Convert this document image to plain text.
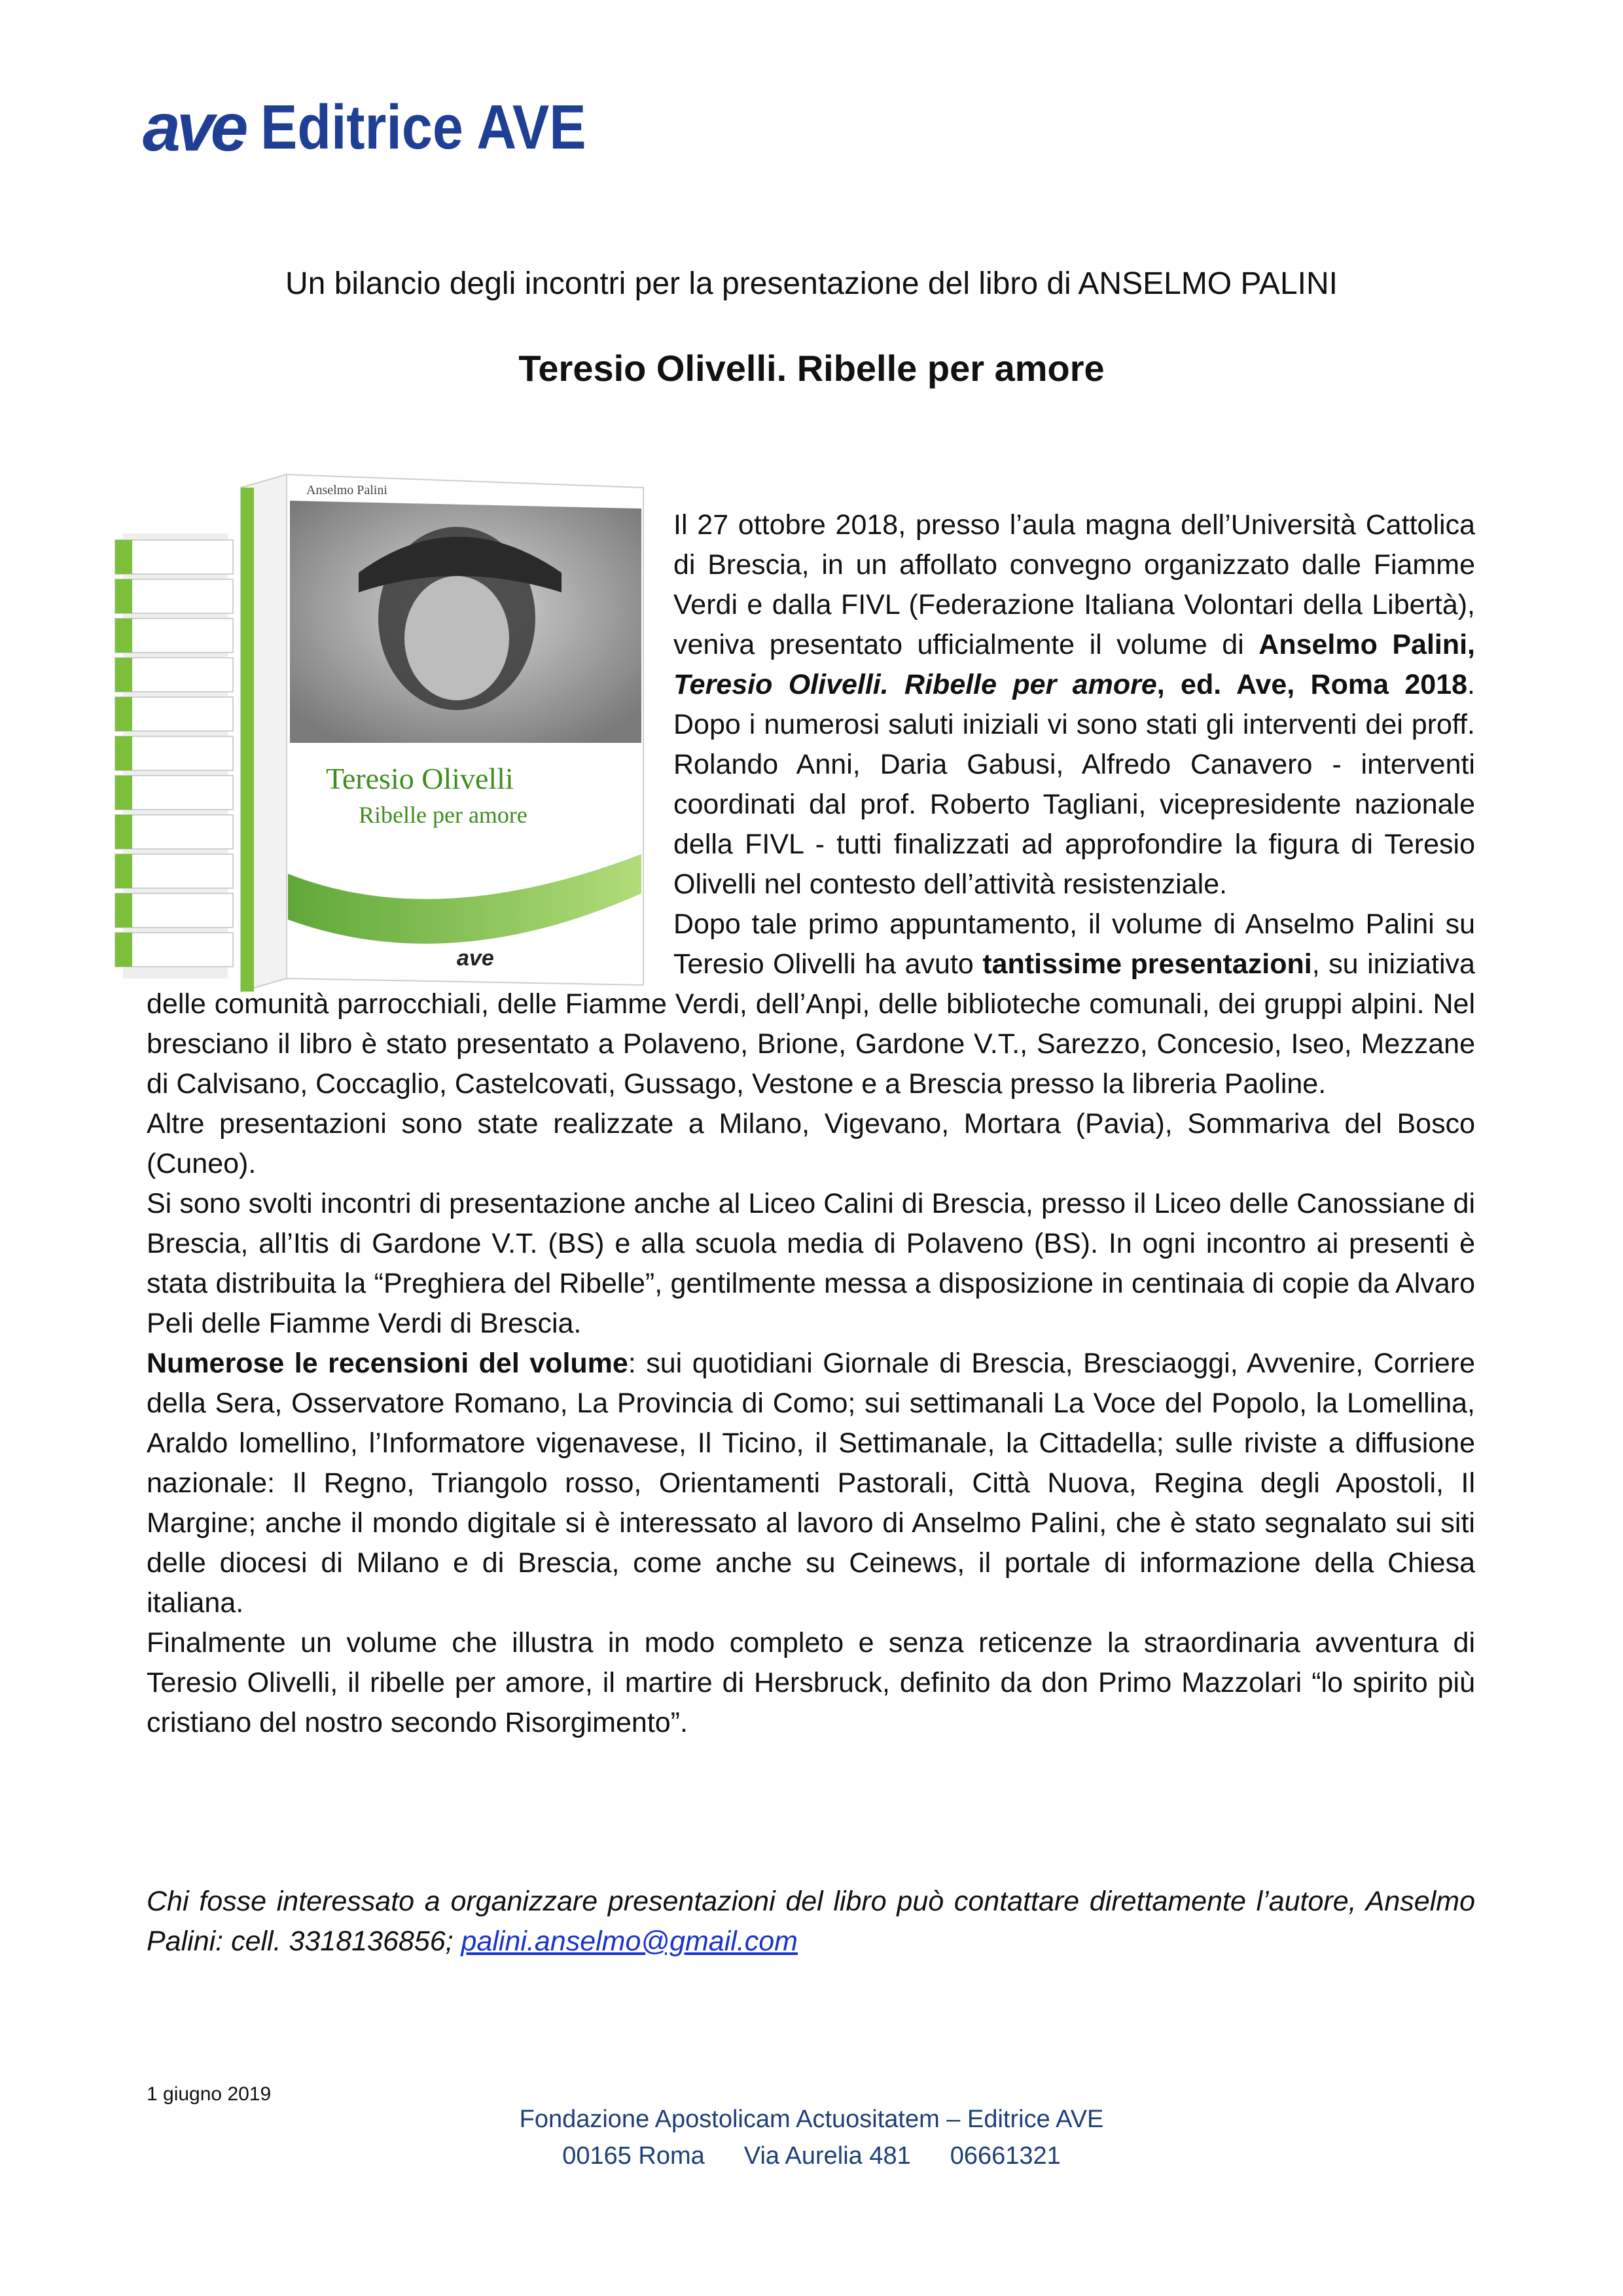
ave Editrice AVE
Un bilancio degli incontri per la presentazione del libro di ANSELMO PALINI
Teresio Olivelli. Ribelle per amore
Anselmo Palini
Teresio Olivelli
Ribelle per amore
ave

Il 27 ottobre 2018, presso l’aula magna dell’Università Cattolica di Brescia, in un affollato convegno organizzato dalle Fiamme Verdi e dalla FIVL (Federazione Italiana Volontari della Libertà), veniva presentato ufficialmente il volume di Anselmo Palini, Teresio Olivelli. Ribelle per amore, ed. Ave, Roma 2018. Dopo i numerosi saluti iniziali vi sono stati gli interventi dei proff. Rolando Anni, Daria Gabusi, Alfredo Canavero - interventi coordinati dal prof. Roberto Tagliani, vicepresidente nazionale della FIVL - tutti finalizzati ad approfondire la figura di Teresio Olivelli nel contesto dell’attività resistenziale.

Dopo tale primo appuntamento, il volume di Anselmo Palini su Teresio Olivelli ha avuto tantissime presentazioni, su iniziativa delle comunità parrocchiali, delle Fiamme Verdi, dell’Anpi, delle biblioteche comunali, dei gruppi alpini. Nel bresciano il libro è stato presentato a Polaveno, Brione, Gardone V.T., Sarezzo, Concesio, Iseo, Mezzane di Calvisano, Coccaglio, Castelcovati, Gussago, Vestone e a Brescia presso la libreria Paoline.

Altre presentazioni sono state realizzate a Milano, Vigevano, Mortara (Pavia), Sommariva del Bosco (Cuneo).

Si sono svolti incontri di presentazione anche al Liceo Calini di Brescia, presso il Liceo delle Canossiane di Brescia, all’Itis di Gardone V.T. (BS) e alla scuola media di Polaveno (BS). In ogni incontro ai presenti è stata distribuita la “Preghiera del Ribelle”, gentilmente messa a disposizione in centinaia di copie da Alvaro Peli delle Fiamme Verdi di Brescia.

Numerose le recensioni del volume: sui quotidiani Giornale di Brescia, Bresciaoggi, Avvenire, Corriere della Sera, Osservatore Romano, La Provincia di Como; sui settimanali La Voce del Popolo, la Lomellina, Araldo lomellino, l’Informatore vigenavese, Il Ticino, il Settimanale, la Cittadella; sulle riviste a diffusione nazionale: Il Regno, Triangolo rosso, Orientamenti Pastorali, Città Nuova, Regina degli Apostoli, Il Margine; anche il mondo digitale si è interessato al lavoro di Anselmo Palini, che è stato segnalato sui siti delle diocesi di Milano e di Brescia, come anche su Ceinews, il portale di informazione della Chiesa italiana.

Finalmente un volume che illustra in modo completo e senza reticenze la straordinaria avventura di Teresio Olivelli, il ribelle per amore, il martire di Hersbruck, definito da don Primo Mazzolari “lo spirito più cristiano del nostro secondo Risorgimento”.

Chi fosse interessato a organizzare presentazioni del libro può contattare direttamente l’autore, Anselmo Palini: cell. 3318136856; palini.anselmo@gmail.com
1 giugno 2019
Fondazione Apostolicam Actuositatem – Editrice AVE
00165 Roma Via Aurelia 481 06661321
